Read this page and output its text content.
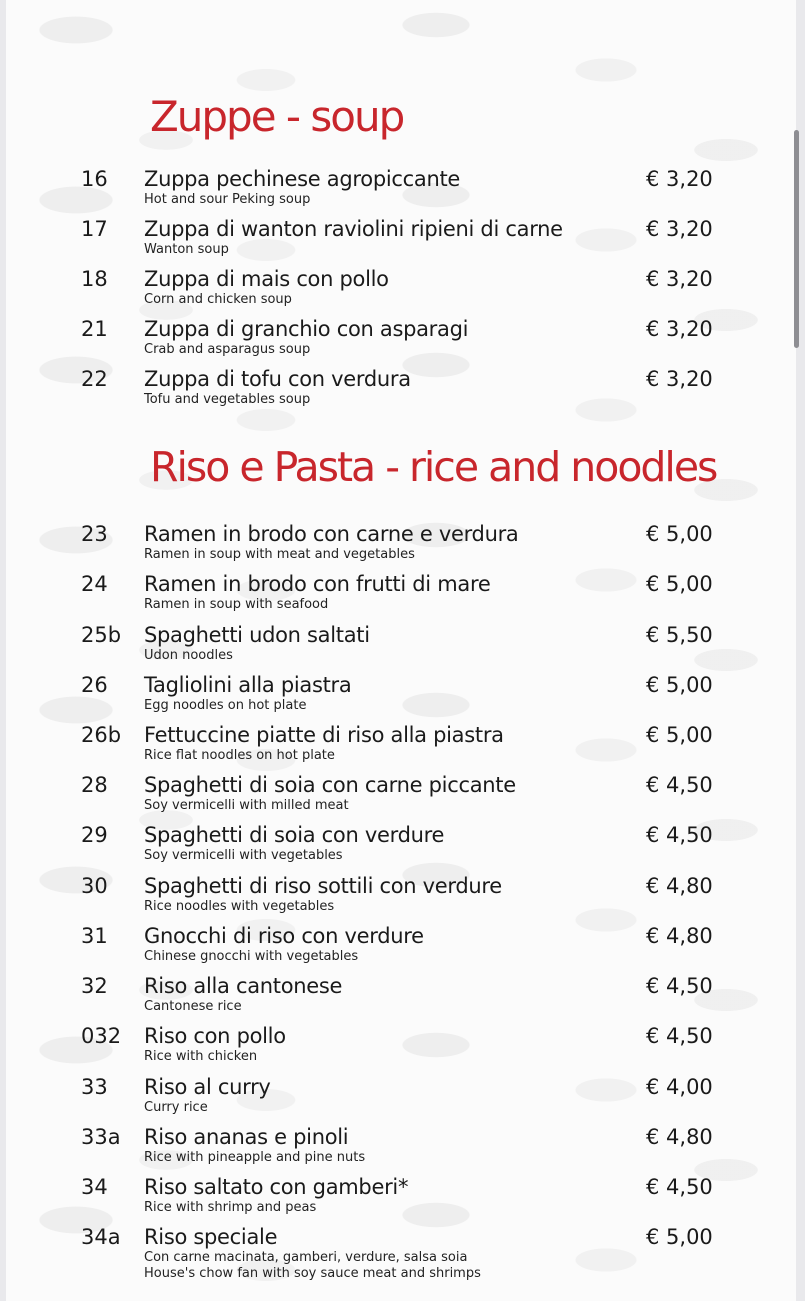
Zuppe - soup
16 Zuppa pechinese agropiccante
Hot and sour Peking soup
€ 3,20
17 Zuppa di wanton raviolini ripieni di carne
Wanton soup
€ 3,20
18 Zuppa di mais con pollo
Corn and chicken soup
€ 3,20
21 Zuppa di granchio con asparagi
Crab and asparagus soup
€ 3,20
22 Zuppa di tofu con verdura
Tofu and vegetables soup
€ 3,20
Riso e Pasta - rice and noodles
23 Ramen in brodo con carne e verdura
Ramen in soup with meat and vegetables
€ 5,00
24 Ramen in brodo con frutti di mare
Ramen in soup with seafood
€ 5,00
25b Spaghetti udon saltati
Udon noodles
€ 5,50
26 Tagliolini alla piastra
Egg noodles on hot plate
€ 5,00
26b Fettuccine piatte di riso alla piastra
Rice flat noodles on hot plate
€ 5,00
28 Spaghetti di soia con carne piccante
Soy vermicelli with milled meat
€ 4,50
29 Spaghetti di soia con verdure
Soy vermicelli with vegetables
€ 4,50
30 Spaghetti di riso sottili con verdure
Rice noodles with vegetables
€ 4,80
31 Gnocchi di riso con verdure
Chinese gnocchi with vegetables
€ 4,80
32 Riso alla cantonese
Cantonese rice
€ 4,50
032 Riso con pollo
Rice with chicken
€ 4,50
33 Riso al curry
Curry rice
€ 4,00
33a Riso ananas e pinoli
Rice with pineapple and pine nuts
€ 4,80
34 Riso saltato con gamberi*
Rice with shrimp and peas
€ 4,50
34a Riso speciale
Con carne macinata, gamberi, verdure, salsa soia
House's chow fan with soy sauce meat and shrimps
€ 5,00
